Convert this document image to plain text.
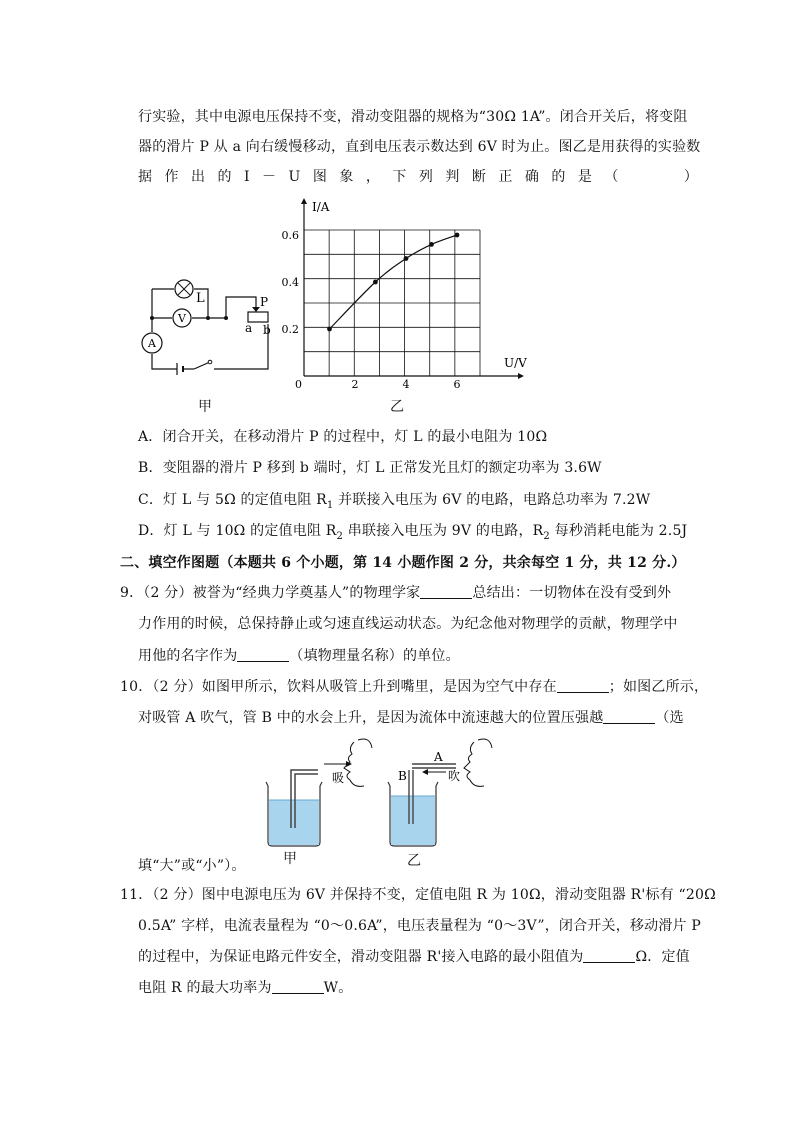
行实验，其中电源电压保持不变，滑动变阻器的规格为“30Ω 1A”。闭合开关后，将变阻
器的滑片 P 从 a 向右缓慢移动，直到电压表示数达到 6V 时为止。图乙是用获得的实验数
据作出的I－U图象，下列判断正确的是（　　）
L
V
A
P
a b
甲
2	4	6
0.2
0.4
0.6
I/A
U/V
0
乙
A．闭合开关，在移动滑片 P 的过程中，灯 L 的最小电阻为 10Ω
B．变阻器的滑片 P 移到 b 端时，灯 L 正常发光且灯的额定功率为 3.6W
C．灯 L 与 5Ω 的定值电阻 $R_1$ 并联接入电压为 6V 的电路，电路总功率为 7.2W
D．灯 L 与 10Ω 的定值电阻 $R_2$ 串联接入电压为 9V 的电路，$R_2$ 每秒消耗电能为 2.5J
二、填空作图题（本题共 6 个小题，第 14 小题作图 2 分，共余每空 1 分，共 12 分.）
9．（2 分）被誉为“经典力学奠基人”的物理学家	总结出：一切物体在没有受到外
力作用的时候，总保持静止或匀速直线运动状态。为纪念他对物理学的贡献，物理学中
用他的名字作为	（填物理量名称）的单位。
10．（2 分）如图甲所示，饮料从吸管上升到嘴里，是因为空气中存在	；如图乙所示，
对吸管 A 吹气，管 B 中的水会上升，是因为流体中流速越大的位置压强越	（选
吸
甲
A
B	吹
填“大”或“小”）。	乙
11．（2 分）图中电源电压为 6V 并保持不变，定值电阻 R 为 10Ω，滑动变阻器 R'标有 “20Ω
0.5A” 字样，电流表量程为 “0～0.6A”，电压表量程为 “0～3V”，闭合开关，移动滑片 P
的过程中，为保证电路元件安全，滑动变阻器 R'接入电路的最小阻值为	Ω．定值
电阻 R 的最大功率为	W。
